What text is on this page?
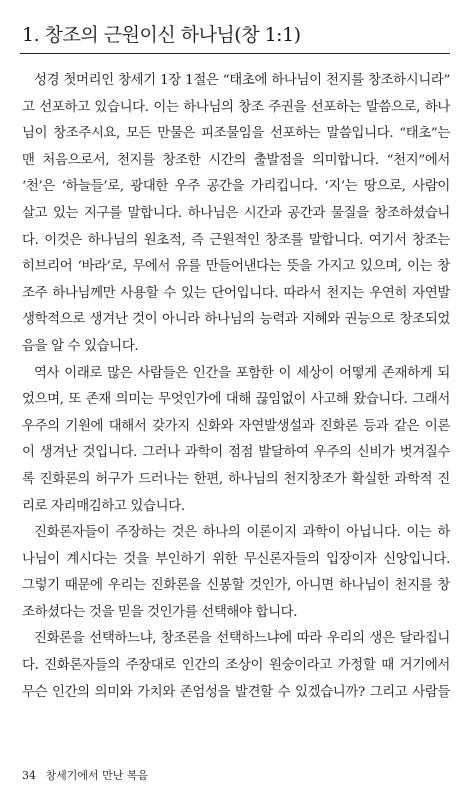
1. 창조의 근원이신 하나님(창 1:1)
성경 첫머리인 창세기 1장 1절은 “태초에 하나님이 천지를 창조하시니라”
고 선포하고 있습니다. 이는 하나님의 창조 주권을 선포하는 말씀으로, 하나
님이 창조주시요, 모든 만물은 피조물임을 선포하는 말씀입니다. “태초”는
맨 처음으로서, 천지를 창조한 시간의 출발점을 의미합니다. “천지”에서
‘천’은 ‘하늘들’로, 광대한 우주 공간을 가리킵니다. ‘지’는 땅으로, 사람이
살고 있는 지구를 말합니다. 하나님은 시간과 공간과 물질을 창조하셨습니
다. 이것은 하나님의 원초적, 즉 근원적인 창조를 말합니다. 여기서 창조는
히브리어 ‘바라’로, 무에서 유를 만들어낸다는 뜻을 가지고 있으며, 이는 창
조주 하나님께만 사용할 수 있는 단어입니다. 따라서 천지는 우연히 자연발
생학적으로 생겨난 것이 아니라 하나님의 능력과 지혜와 권능으로 창조되었
음을 알 수 있습니다.
역사 이래로 많은 사람들은 인간을 포함한 이 세상이 어떻게 존재하게 되
었으며, 또 존재 의미는 무엇인가에 대해 끊임없이 사고해 왔습니다. 그래서
우주의 기원에 대해서 갖가지 신화와 자연발생설과 진화론 등과 같은 이론
이 생겨난 것입니다. 그러나 과학이 점점 발달하여 우주의 신비가 벗겨질수
록 진화론의 허구가 드러나는 한편, 하나님의 천지창조가 확실한 과학적 진
리로 자리매김하고 있습니다.
진화론자들이 주장하는 것은 하나의 이론이지 과학이 아닙니다. 이는 하
나님이 계시다는 것을 부인하기 위한 무신론자들의 입장이자 신앙입니다.
그렇기 때문에 우리는 진화론을 신봉할 것인가, 아니면 하나님이 천지를 창
조하셨다는 것을 믿을 것인가를 선택해야 합니다.
진화론을 선택하느냐, 창조론을 선택하느냐에 따라 우리의 생은 달라집니
다. 진화론자들의 주장대로 인간의 조상이 원숭이라고 가정할 때 거기에서
무슨 인간의 의미와 가치와 존엄성을 발견할 수 있겠습니까? 그리고 사람들
34 창세기에서 만난 복음
